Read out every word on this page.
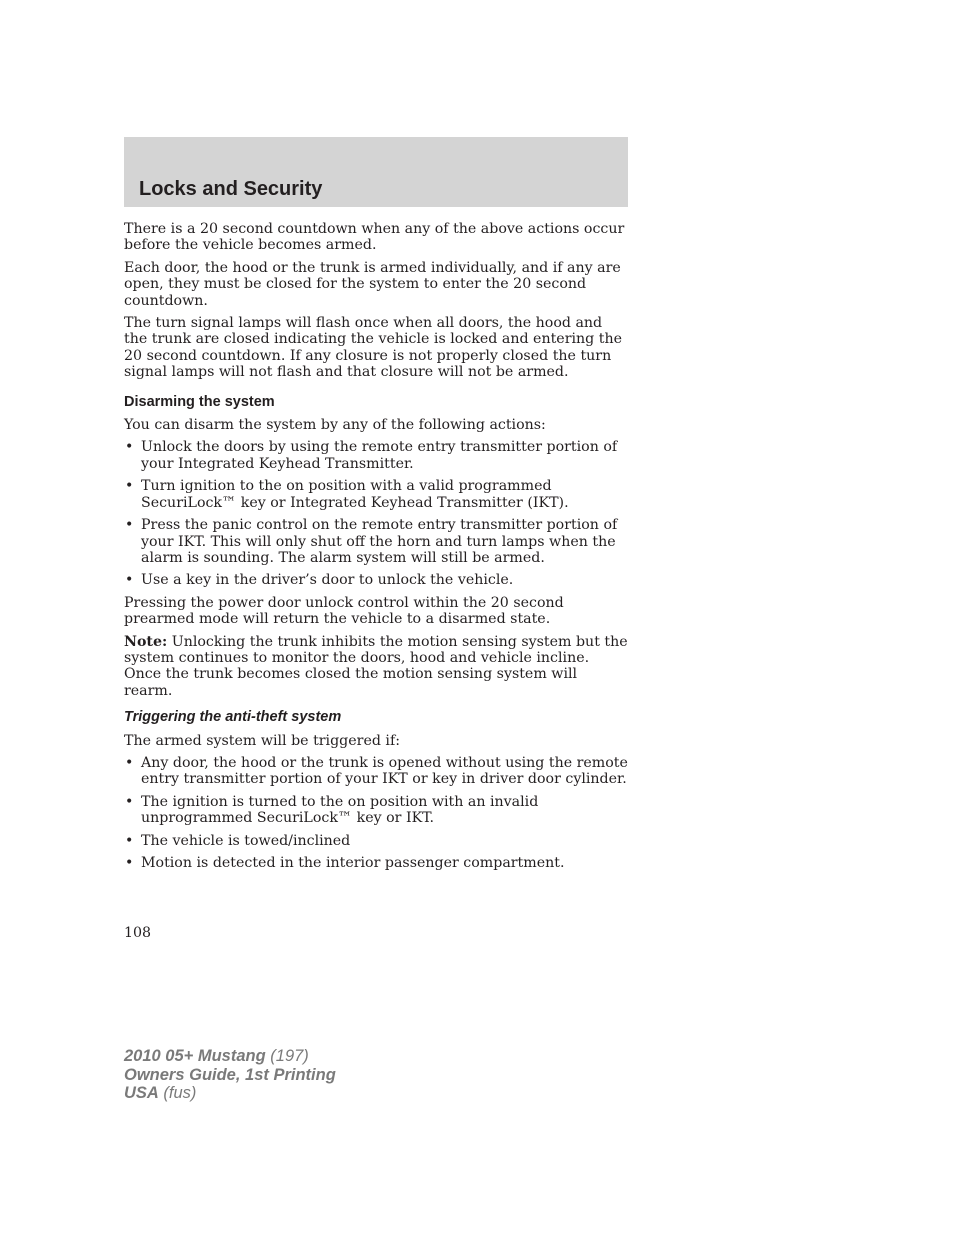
Locks and Security

There is a 20 second countdown when any of the above actions occur before the vehicle becomes armed.

Each door, the hood or the trunk is armed individually, and if any are open, they must be closed for the system to enter the 20 second countdown.

The turn signal lamps will flash once when all doors, the hood and the trunk are closed indicating the vehicle is locked and entering the 20 second countdown. If any closure is not properly closed the turn signal lamps will not flash and that closure will not be armed.

Disarming the system

You can disarm the system by any of the following actions:

• Unlock the doors by using the remote entry transmitter portion of your Integrated Keyhead Transmitter.
• Turn ignition to the on position with a valid programmed SecuriLock™ key or Integrated Keyhead Transmitter (IKT).
• Press the panic control on the remote entry transmitter portion of your IKT. This will only shut off the horn and turn lamps when the alarm is sounding. The alarm system will still be armed.
• Use a key in the driver’s door to unlock the vehicle.

Pressing the power door unlock control within the 20 second prearmed mode will return the vehicle to a disarmed state.

Note: Unlocking the trunk inhibits the motion sensing system but the system continues to monitor the doors, hood and vehicle incline. Once the trunk becomes closed the motion sensing system will rearm.

Triggering the anti-theft system

The armed system will be triggered if:

• Any door, the hood or the trunk is opened without using the remote entry transmitter portion of your IKT or key in driver door cylinder.
• The ignition is turned to the on position with an invalid unprogrammed SecuriLock™ key or IKT.
• The vehicle is towed/inclined
• Motion is detected in the interior passenger compartment.
108
2010 05+ Mustang (197)
Owners Guide, 1st Printing
USA (fus)
